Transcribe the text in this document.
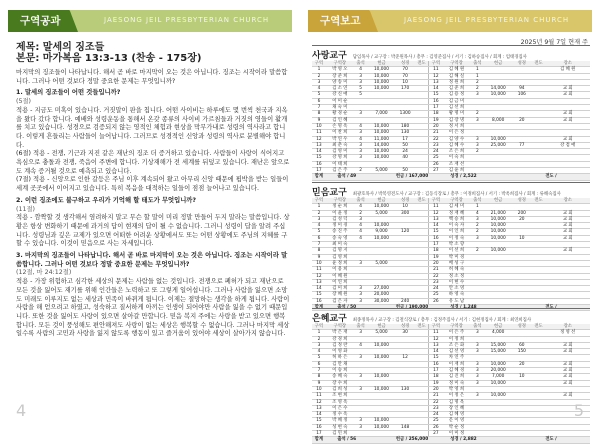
구역공과	JAESONG JEIL PRESBYTERIAN CHURCH
제목: 말세의 징조들
본문: 마가복음 13:3-13 (찬송 - 175장)

마지막의 징조들이 나타납니다. 해서 곧 바로 마지막이 오는 것은 아닙니다. 징조는 시작이라 말씀합니다. 그러나 어떤 것보다 정말 중요한 문제는 무엇입니까?

1. 말세의 징조들이 어떤 것들입니까?
(5절)

적용 - 지금도 미혹이 있습니다. 거짓말이 판을 칩니다. 어떤 사이비는 하루에도 몇 번씩 천국과 지옥을 왔다 갔다 합니다. 예배와 성령운동을 통해서 온갖 종류의 사이비 가르침들과 거짓의 영들이 활개를 치고 있습니다. 성경으로 검증되지 않는 영적인 체험과 현상을 막무가내로 성령의 역사라고 합니다. 이렇게 흔들리는 사람들이 늘어납니다. 그러므로 성경적인 신앙과 성령의 역사로 분별해야 합니다.

(6절) 적용 - 전쟁, 기근과 지진 같은 재난의 징조 더 증거하고 있습니다. 사람들이 사랑이 식어지고 욕심으로 충돌과 전쟁, 죽음이 주변에 합니다. 기상재해가 전 세계를 뒤덮고 있습니다. 재난은 앞으로도 계속 증거될 것으로 예측되고 있습니다.

(7절) 적용 - 신앙으로 인한 갈등은 주님 이후 계속되어 왔고 아무리 신앙 때문에 핍박을 받는 일들이 세계 곳곳에서 이어지고 있습니다. 특히 복음을 대적하는 일들이 점점 늘어나고 있습니다.

2. 이런 징조에도 불구하고 우리가 기억해 할 태도가 무엇입니까?
(11절)

적용 - 깜짝할 것 생각해서 염려하지 말고 무슨 할 말이 미리 정말 만들어 두지 말라는 말씀입니다. 상황은 항상 변화하기 때문에 과거의 답이 현재의 답이 될 수 없습니다. 그러니 성령이 답을 알려 주십니다. 성령님과 깊은 교제가 있으면 어떠한 어려운 상황에서도 또는 어떤 상황에도 주님의 지혜를 구할 수 있습니다. 이것이 믿음으로 사는 자세입니다.

3. 마지막의 징조들이 나타납니다. 해서 곧 바로 마지막이 오는 것은 아닙니다. 징조는 시작이라 말씀합니다. 그러나 어떤 것보다 정말 중요한 문제는 무엇입니까?
(12절, 마 24:12절)

적용 - 가장 위험하고 심각한 세상의 문제는 사람들 없는 것입니다. 전쟁으로 폐허가 되고 재난으로 모든 것을 잃어도 재기를 위해 인간들은 노력하고 또 그렇게 일어섭니다. 그러나 사람을 잃으면 소망도 미래도 이루지도 없는 세상과 민족이 바뀌게 됩니다. 이제는 절망하는 생각을 하게 됩니다. 사람이 사람을 해 얻으려고 하였고, 성숙하고 질서하게 아끼는 인생이 되어야만 사람을 잃을 수 없기 때문입니다. 또한 것을 잃어도 사랑이 있으면 살아갈 만합니다. 믿음 복지 주에는 사랑을 받고 있으면 행복합니다. 모든 것이 풍성해도 편안해져도 사랑이 없는 세상은 행복할 수 없습니다. 그러나 마지막 세상일수록 사람의 고민과 사랑을 잃지 않도록 행동이 있고 즐거움이 있어야 세상이 살아가지 않습니다.

4
구역보고	JAESONG JEIL PRESBYTERIAN CHURCH
2025년 9월 7일 현재 주
사랑교구 담임목사 / 교구장 : 박준원목사 / 총무 : 김영준집사 / 서기 : 김하승집사 / 회계 : 엄태경집사
구역	구역장	출석	헌금	성경	전도	구역	구역장	출석	헌금	성경	전도	장소
1	박 영 오	4	10,000	70		11	김 혜 원	1				김 혜 원
2	장 준 희	3	10,000	70		12	김 해 실	1				
3	양 송 미	3	10,000	10		13	정 원 희	2				
4	김 소 연	5	10,000	170		14	김 준 희	2	14,000	94		교 회
5	강 신 애	5				15	김 용 정	3	10,000	106		교 회
6	이 미 순					16	김 금 미					
7	채 숙 미					17	김 선 희					
8	황 경 순	3	7,000	1300		18	황 명 미	2				교 회
9	김 인 혜					19	김 장 명	3	8,000	20		교 회
10	손 명 옥	4	10,000	180		20	정 서 희					
11	이 찬 희	3	10,000	130		21	이 은 정					
12	박 연 우	4	11,000	17		22	김 양 수	3	10,000			교 회
13	최 춘 숙	3	14,000	50		23	김 혜 수	3	25,000	77		강 점 애
14	김 영 미	3	10,000	24		24	조 은 희	2				
15	강 명 희	3	10,000	40		25	이 숙 희					
16	이 태 희					26	조 재 선					
17	김 은 주	2	5,000	50		27	김 윤 희					
합계	출석 / 49			헌금 / 167,000			성경 / 2,522			전도 /		
믿음교구 최광호목사 / 박복영전도사 / 교구장 : 김동식장로 / 총무 : 이정희집사 / 서기 : 박옥희집사 / 회계 : 류해숙집사
구역	구역장	출석	헌금	성경	전도	구역	구역장	출석	헌금	성경	전도	장소
1	정 순 희	4	10,000	10		11	김 세 미	1				
2	이 윤 정	2	5,000	300		12	정 재 혜	4	21,000	200		교 회
3	김 성 덕	3				13	백 승 희	3	10,000	20		교 회
4	정 미 경	4	10,000			14	이 숙 자	2	10,000			교 회
5	송 진 주	4	9,000	120		15	이 인 희	2	10,000			교 회
6	송 숙 영	4	10,000			16	이 정 숙	3	10,000	10		교 회
7	최 미 숙					17	박 소 향					
8	김 명 지					18	이 선 희	2	10,000			교 회
9	김 영 희					19	박 미 경					
10	윤 정 희	3	5,000			20	배 성 구					
11	이 용 희					21	허 혜 숙					
12	이 혜 원					22	정 소 정					
13	이 연 희					23	이 현 수					
14	김 미 희	3	27,000			24	안 소 영					
15	장 혜 원	3	20,000			25	하 영 숙					
16	김 은 자	3	30,000	240		26	유 도 남					
합계	출석 / 50			헌금 / 190,000			성경 / 1,248			전도 /		
은혜교구 최종정목사 / 교구장 : 김철식장로 / 총무 : 김정주집사 / 서기 : 김현정집사 / 회계 : 최연희집사
구역	구역장	출석	헌금	성경	전도	구역	구역장	출석	헌금	성경	전도	장소
1	박 은 재	3	5,000	30		11	이 은 주	3	4,000			정 영 선
2	강 경 희					12	이 정 희					
3	김 정 란	4	10,000			13	조 은 화	3	15,000	60		교 회
4	이 영 화					14	김 선 영	3	15,000	150		교 회
5	허 하 은	3	10,000	12		15	차 연 주					
6	김 만 채					16	이 재 희	3	10,000	20		교 회
7	이 승 희					17	김 혜 경	3	20,000			교 회
8	송 혜 숙	3	10,000			18	김 진 희	3	7,000	10		교 회
9	장 수 희					19	정 미 숙	3	10,000			교 회
10	김 희 성	3	10,000	130		20	박 영 희					
11	조 현 희					21	이 정 은	3	10,000			교 회
12	조 영 옥					22	김 명 옥					
13	이 은 수					23	장 인 혜					
14	정 수 옥					24	김 혜 영					
15	박 혜 정	3	10,000			25	문 이 영					
16	성 현 숙	3	10,000	148		26	박 순 정					
17	김 민 희					27	이 미 정					
합계	출석 / 56			헌금 / 256,000			성경 / 2,882			전도 /		
5
